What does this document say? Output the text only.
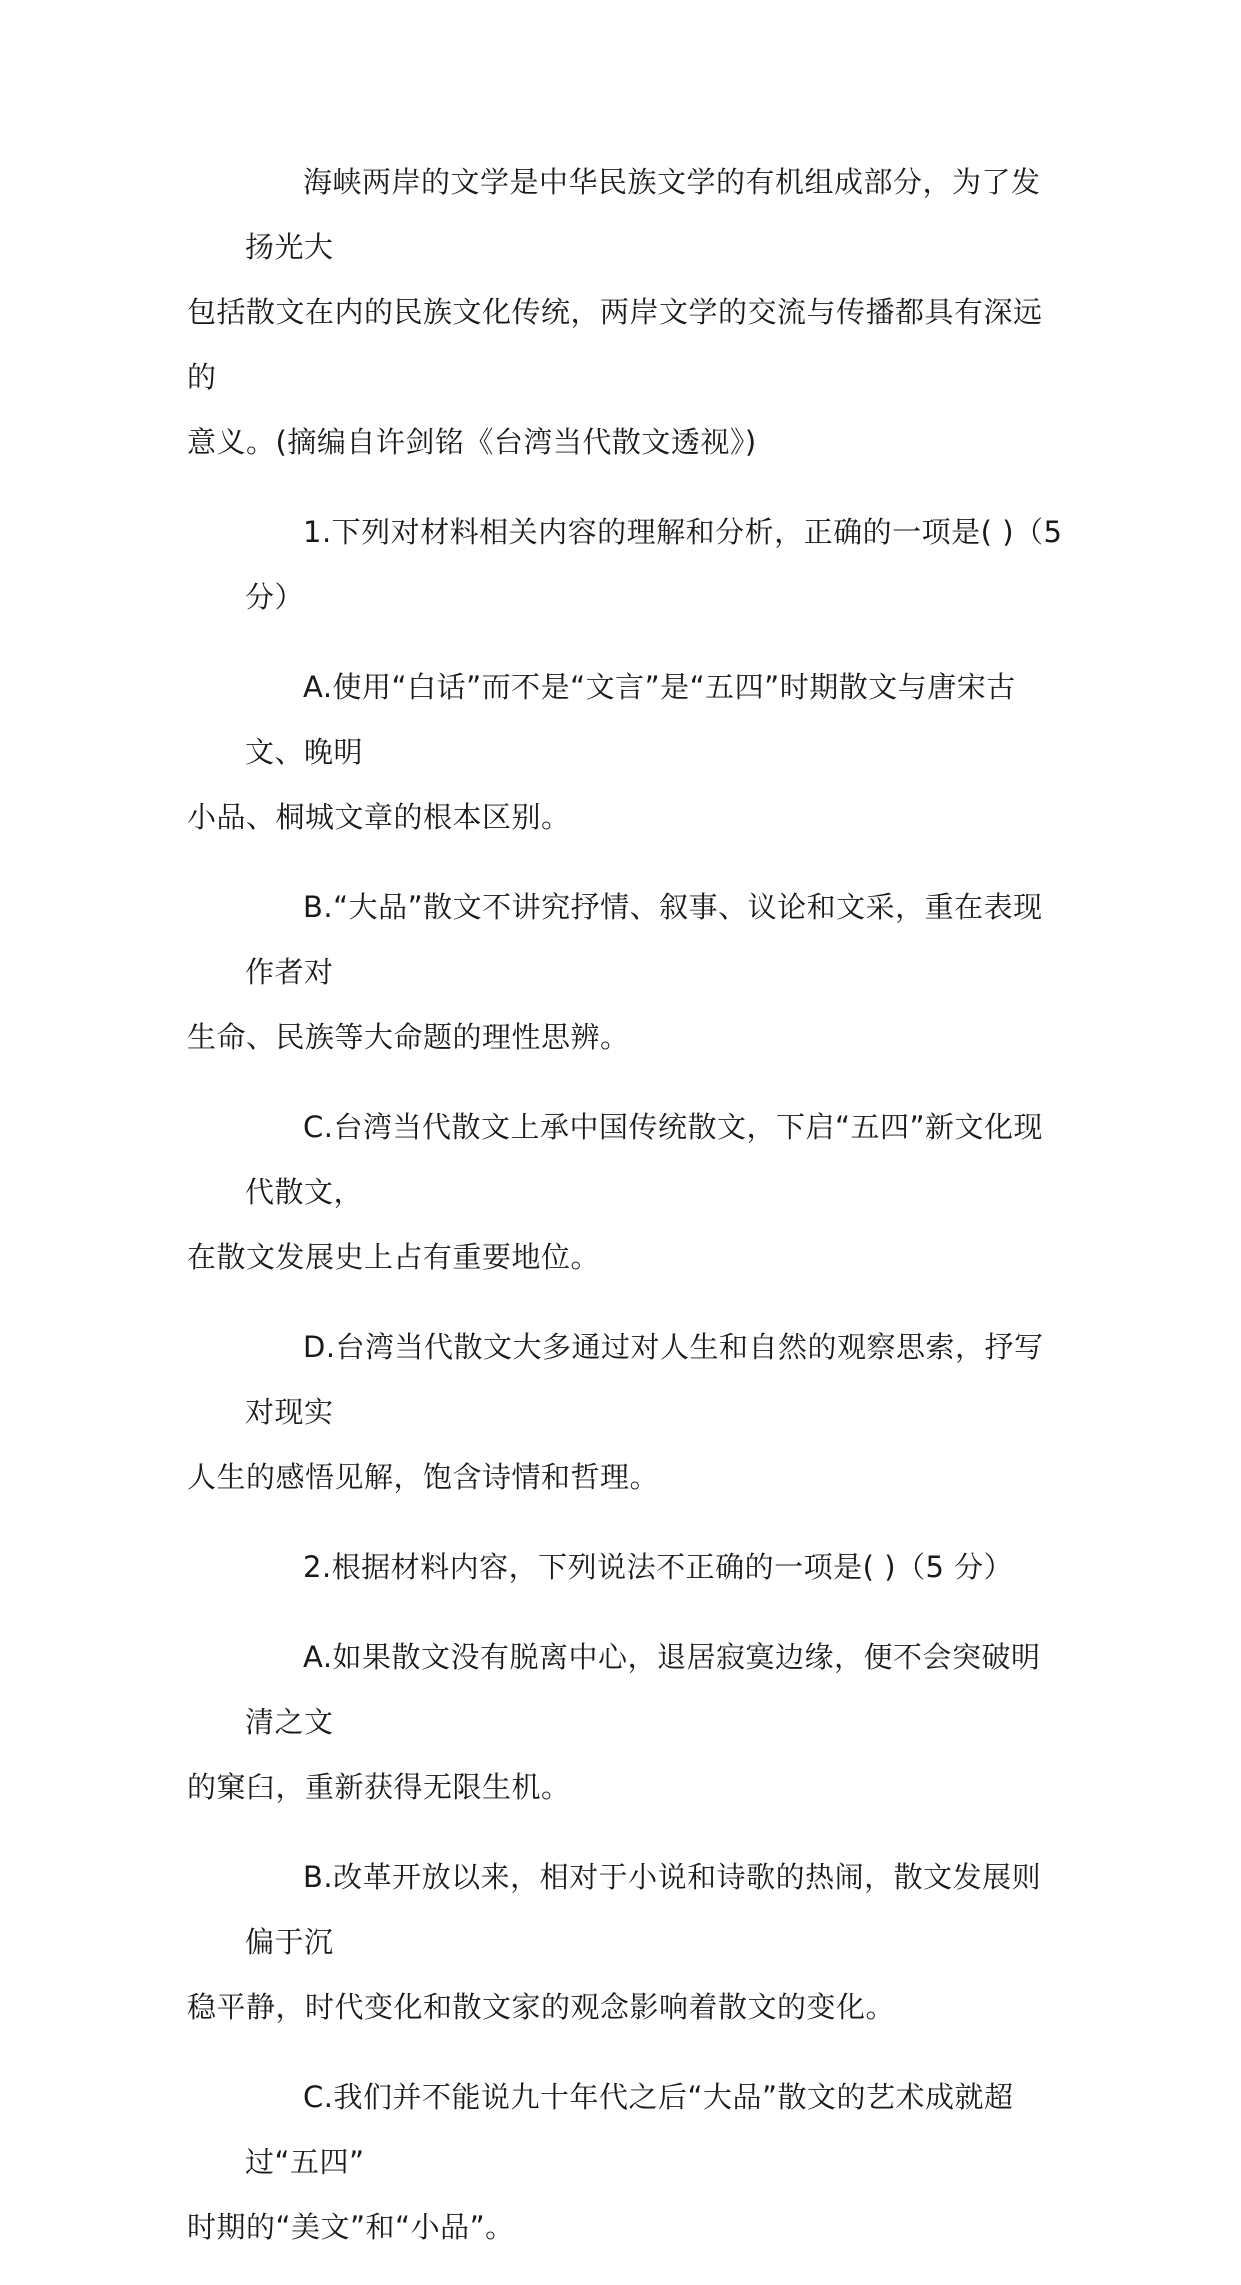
海峡两岸的文学是中华民族文学的有机组成部分，为了发扬光大
包括散文在内的民族文化传统，两岸文学的交流与传播都具有深远的
意义。(摘编自许剑铭《台湾当代散文透视》)
1.下列对材料相关内容的理解和分析，正确的一项是( )（5 分）
A.使用“白话”而不是“文言”是“五四”时期散文与唐宋古文、晚明
小品、桐城文章的根本区别。
B.“大品”散文不讲究抒情、叙事、议论和文采，重在表现作者对
生命、民族等大命题的理性思辨。
C.台湾当代散文上承中国传统散文，下启“五四”新文化现代散文，
在散文发展史上占有重要地位。
D.台湾当代散文大多通过对人生和自然的观察思索，抒写对现实
人生的感悟见解，饱含诗情和哲理。
2.根据材料内容，下列说法不正确的一项是( )（5 分）
A.如果散文没有脱离中心，退居寂寞边缘，便不会突破明清之文
的窠臼，重新获得无限生机。
B.改革开放以来，相对于小说和诗歌的热闹，散文发展则偏于沉
稳平静，时代变化和散文家的观念影响着散文的变化。
C.我们并不能说九十年代之后“大品”散文的艺术成就超过“五四”
时期的“美文”和“小品”。
